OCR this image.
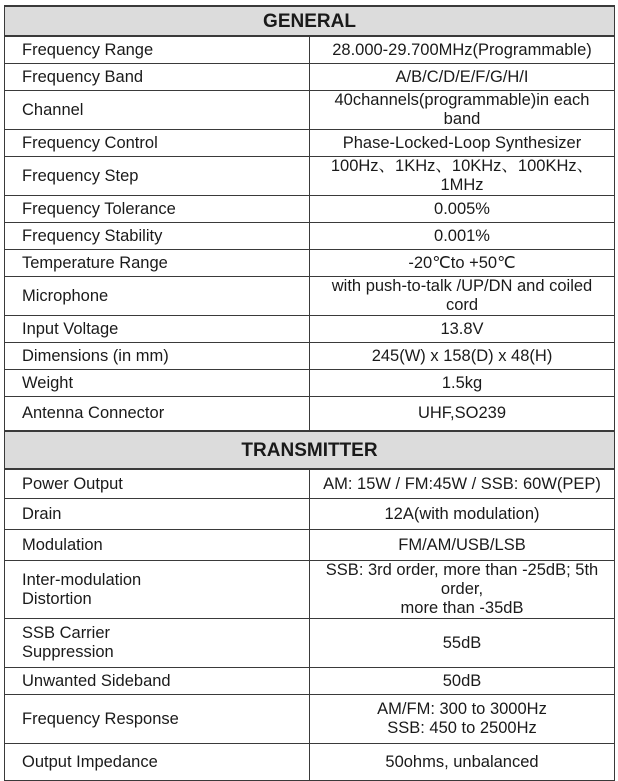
GENERAL	
Frequency Range	28.000-29.700MHz(Programmable)
Frequency Band	A/B/C/D/E/F/G/H/I
Channel	40channels(programmable)in each band
Frequency Control	Phase-Locked-Loop Synthesizer
Frequency Step	100Hz、1KHz、10KHz、100KHz、1MHz
Frequency Tolerance	0.005%
Frequency Stability	0.001%
Temperature Range	-20℃to +50℃
Microphone	with push-to-talk /UP/DN and coiled cord
Input Voltage	13.8V
Dimensions (in mm)	245(W) x 158(D) x 48(H)
Weight	1.5kg
Antenna Connector	UHF,SO239
TRANSMITTER	
Power Output	AM: 15W / FM:45W / SSB: 60W(PEP)
Drain	12A(with modulation)
Modulation	FM/AM/USB/LSB

Inter-modulation
Distortion	SSB: 3rd order, more than -25dB; 5th order,
more than -35dB

SSB Carrier
Suppression	55dB
Unwanted Sideband	50dB
Frequency Response	AM/FM: 300 to 3000Hz
SSB: 450 to 2500Hz

Output Impedance	50ohms, unbalanced
